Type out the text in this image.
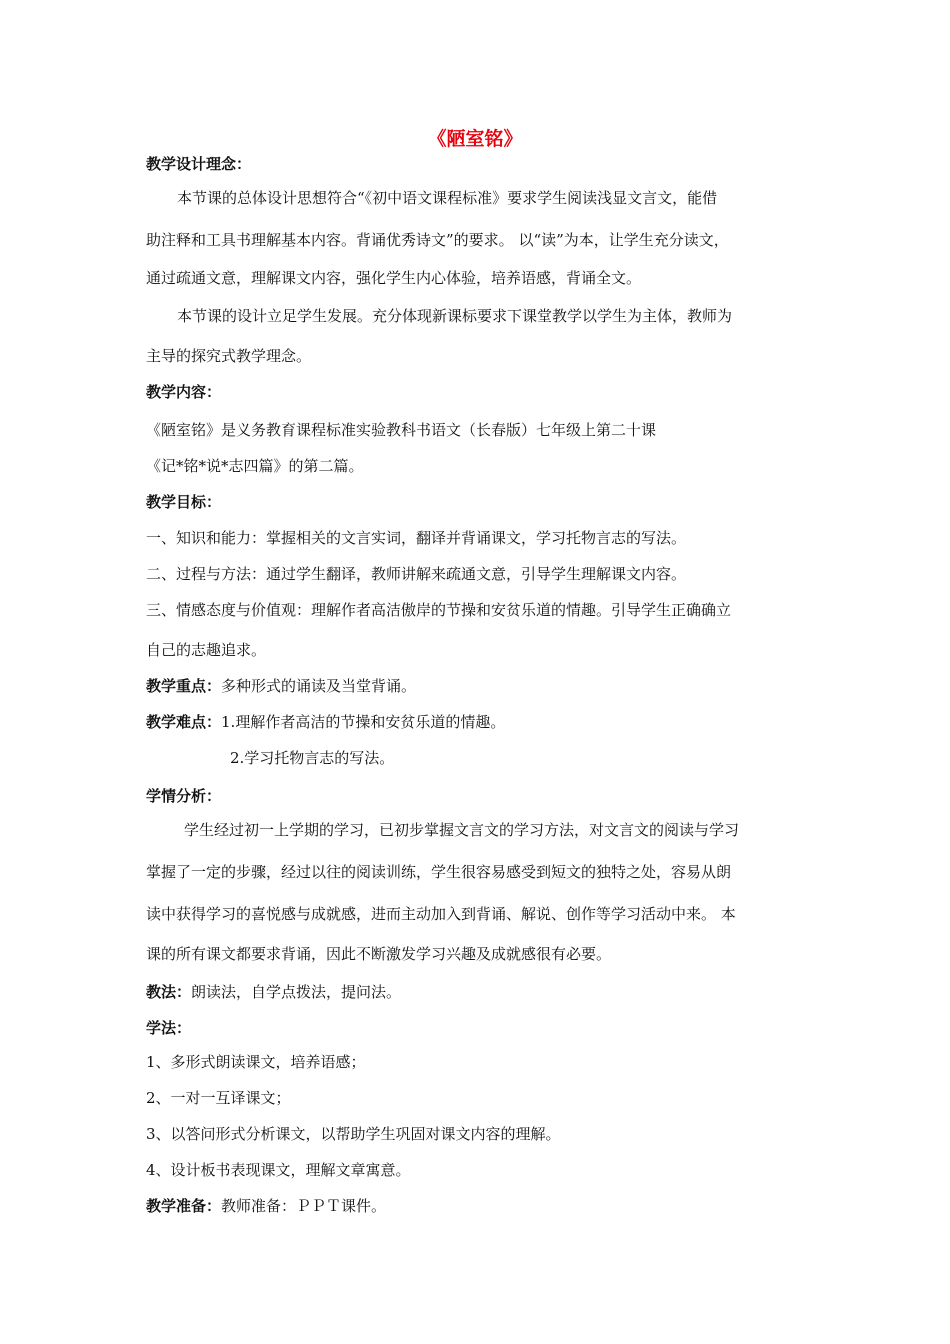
《陋室铭》
教学设计理念：
本节课的总体设计思想符合“《初中语文课程标准》要求学生阅读浅显文言文，能借
助注释和工具书理解基本内容。背诵优秀诗文”的要求。 以“读”为本，让学生充分读文，
通过疏通文意，理解课文内容，强化学生内心体验，培养语感，背诵全文。
本节课的设计立足学生发展。充分体现新课标要求下课堂教学以学生为主体，教师为
主导的探究式教学理念。
教学内容：
《陋室铭》是义务教育课程标准实验教科书语文（长春版）七年级上第二十课
《记*铭*说*志四篇》的第二篇。
教学目标：
一、知识和能力：掌握相关的文言实词，翻译并背诵课文，学习托物言志的写法。
二、过程与方法：通过学生翻译，教师讲解来疏通文意，引导学生理解课文内容。
三、情感态度与价值观：理解作者高洁傲岸的节操和安贫乐道的情趣。引导学生正确确立
自己的志趣追求。
教学重点：多种形式的诵读及当堂背诵。
教学难点：1.理解作者高洁的节操和安贫乐道的情趣。
2.学习托物言志的写法。
学情分析：
学生经过初一上学期的学习，已初步掌握文言文的学习方法，对文言文的阅读与学习
掌握了一定的步骤，经过以往的阅读训练，学生很容易感受到短文的独特之处，容易从朗
读中获得学习的喜悦感与成就感，进而主动加入到背诵、解说、创作等学习活动中来。 本
课的所有课文都要求背诵，因此不断激发学习兴趣及成就感很有必要。
教法：朗读法，自学点拨法，提问法。
学法：
1、多形式朗读课文，培养语感；
2、一对一互译课文；
3、以答问形式分析课文，以帮助学生巩固对课文内容的理解。
4、设计板书表现课文，理解文章寓意。
教学准备：教师准备：ＰＰＴ课件。
